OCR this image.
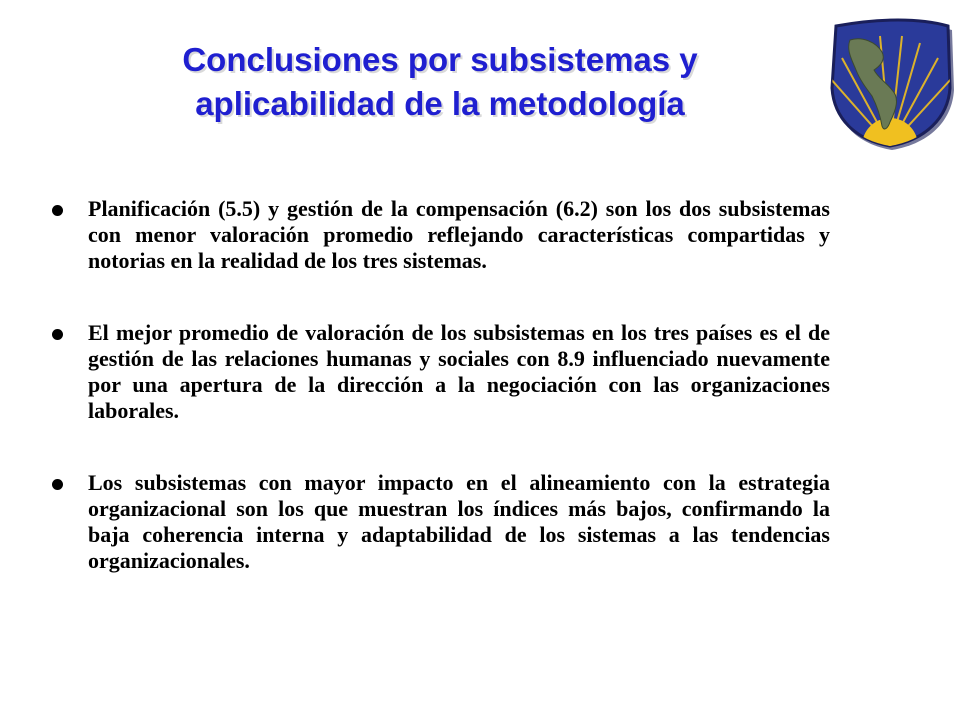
Conclusiones por subsistemas y
aplicabilidad de la metodología
Planificación (5.5) y gestión de la compensación (6.2) son los dos subsistemas con menor valoración promedio reflejando características compartidas y notorias en la realidad de los tres sistemas.
El mejor promedio de valoración de los subsistemas en los tres países es el de gestión de las relaciones humanas y sociales con 8.9 influenciado nuevamente por una apertura de la dirección a la negociación con las organizaciones laborales.
Los subsistemas con mayor impacto en el alineamiento con la estrategia organizacional son los que muestran los índices más bajos, confirmando la baja coherencia interna y adaptabilidad de los sistemas a las tendencias organizacionales.
